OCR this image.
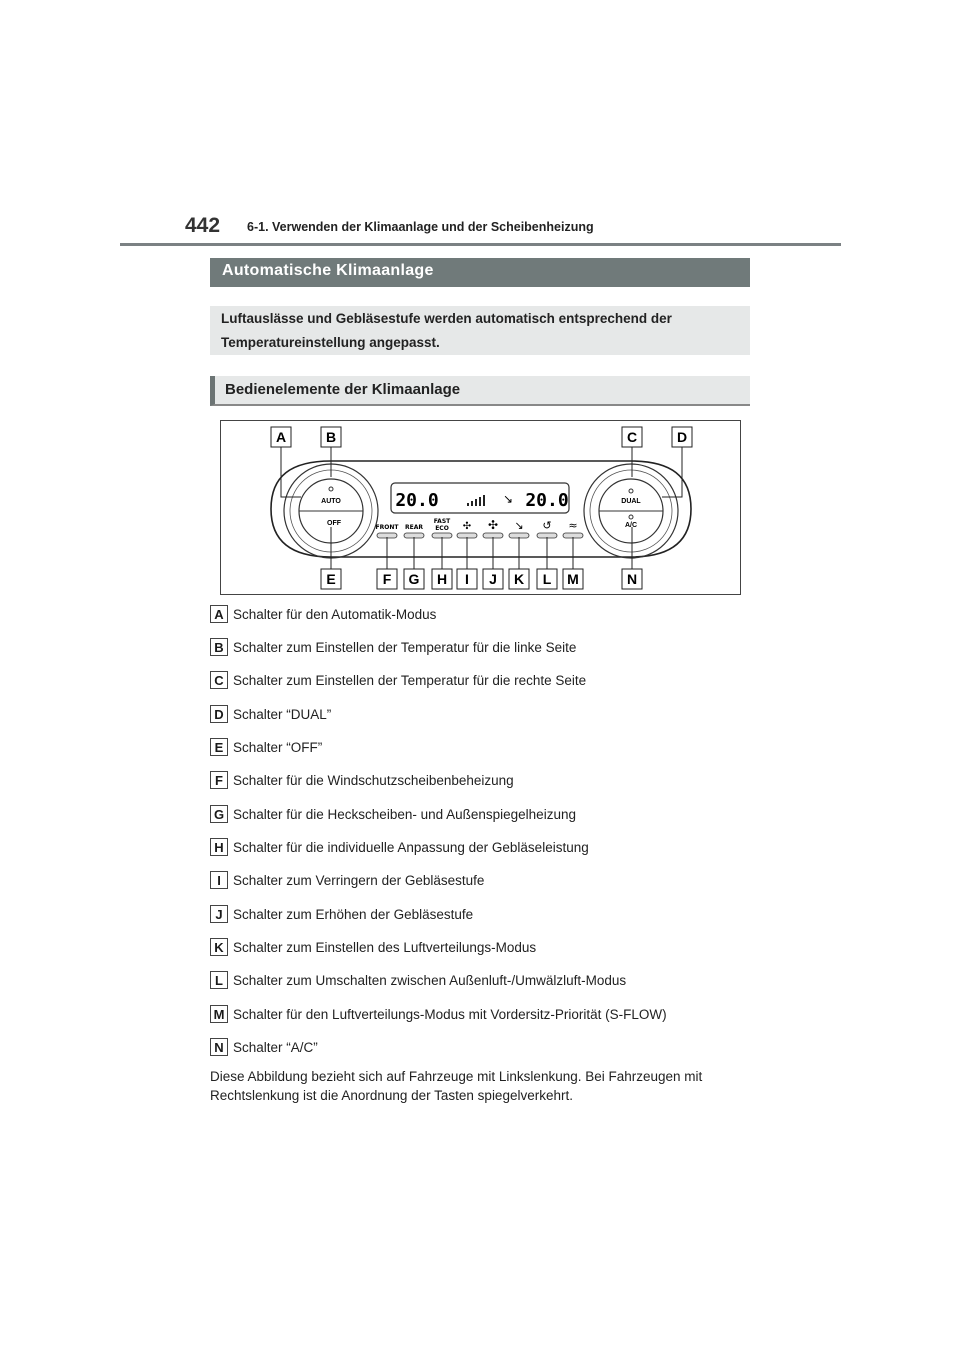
442 6-1. Verwenden der Klimaanlage und der Scheibenheizung
Automatische Klimaanlage
Luftauslässe und Gebläsestufe werden automatisch entsprechend der Temperatureinstellung angepasst.
Bedienelemente der Klimaanlage
AUTO
OFF
DUAL
A/C
20.0	20.0
↘
FRONT REAR
FAST
ECO ✣ ✣ ↘ ↺ ≈
A	B	C	D
E	F G H I J K L M	N
A Schalter für den Automatik-Modus
B Schalter zum Einstellen der Temperatur für die linke Seite
C Schalter zum Einstellen der Temperatur für die rechte Seite
D Schalter “DUAL”
E Schalter “OFF”
F Schalter für die Windschutzscheibenbeheizung
G Schalter für die Heckscheiben- und Außenspiegelheizung
H Schalter für die individuelle Anpassung der Gebläseleistung
I Schalter zum Verringern der Gebläsestufe
J Schalter zum Erhöhen der Gebläsestufe
K Schalter zum Einstellen des Luftverteilungs-Modus
L Schalter zum Umschalten zwischen Außenluft-/Umwälzluft-Modus
M Schalter für den Luftverteilungs-Modus mit Vordersitz-Priorität (S-FLOW)
N Schalter “A/C”
Diese Abbildung bezieht sich auf Fahrzeuge mit Linkslenkung. Bei Fahrzeugen mit Rechtslenkung ist die Anordnung der Tasten spiegelverkehrt.
